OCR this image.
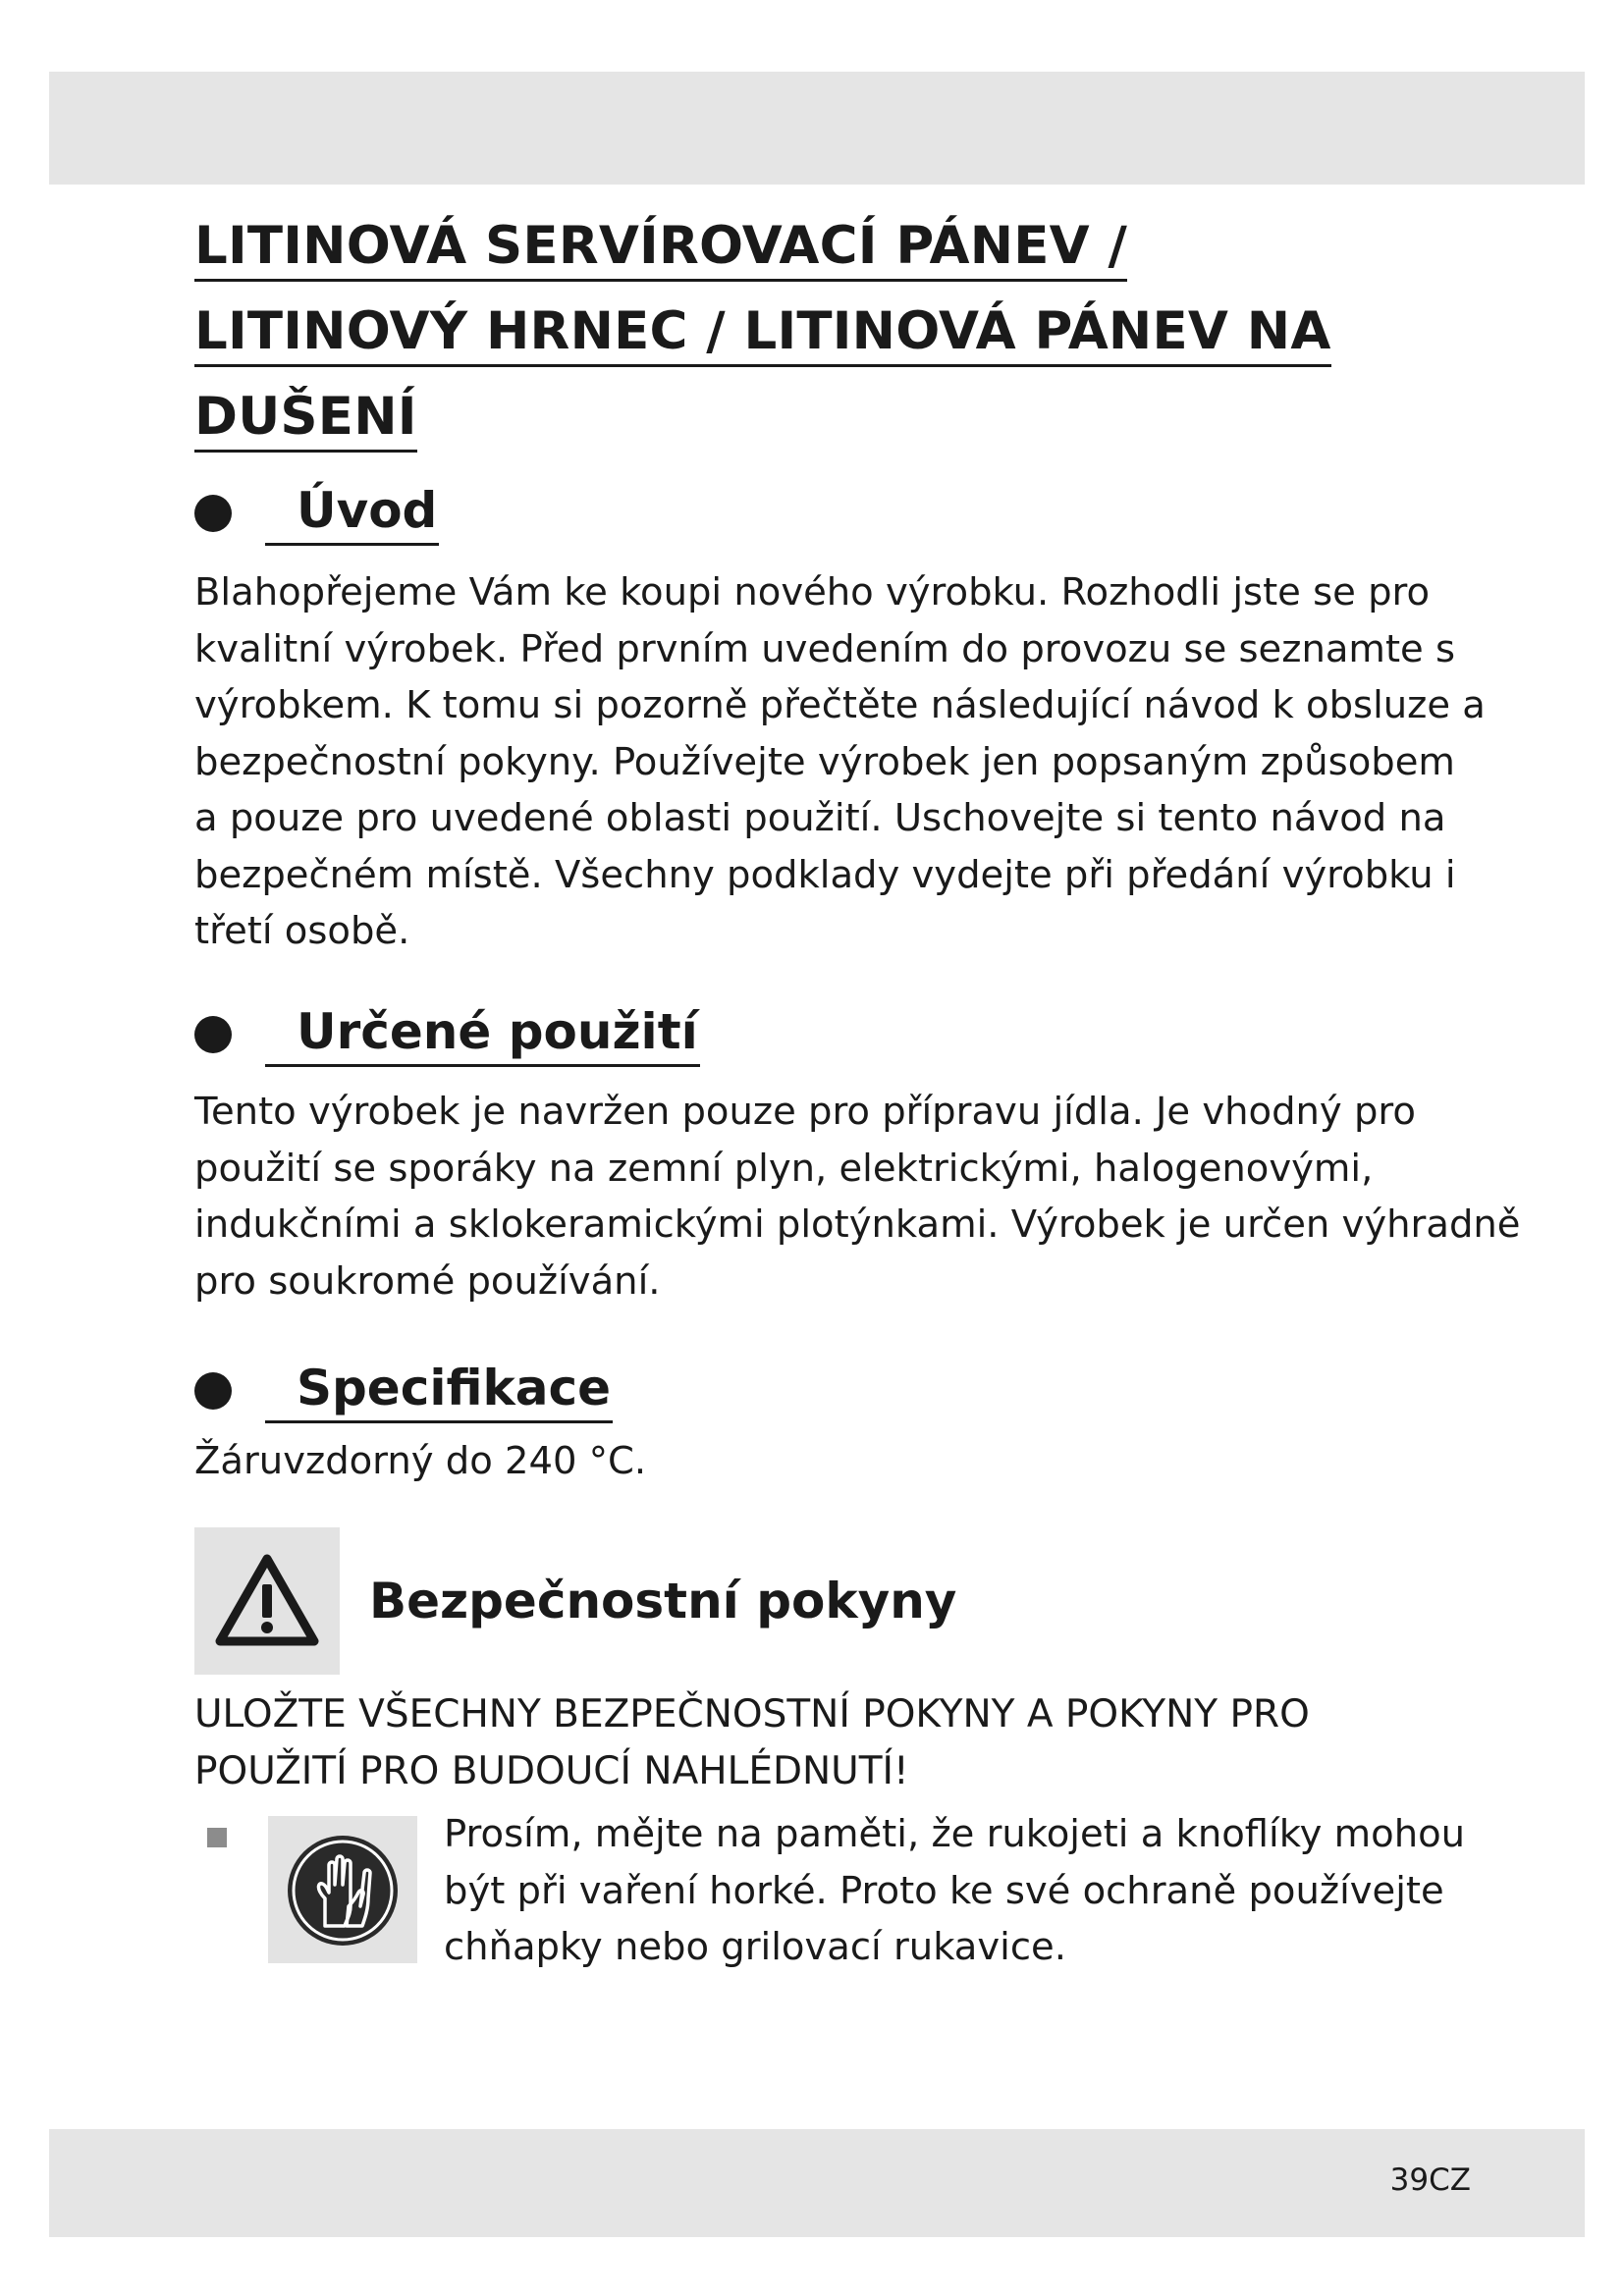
LITINOVÁ SERVÍROVACÍ PÁNEV /
LITINOVÝ HRNEC / LITINOVÁ PÁNEV NA
DUŠENÍ
Úvod

Blahopřejeme Vám ke koupi nového výrobku. Rozhodli jste se pro
kvalitní výrobek. Před prvním uvedením do provozu se seznamte s
výrobkem. K tomu si pozorně přečtěte následující návod k obsluze a
bezpečnostní pokyny. Používejte výrobek jen popsaným způsobem
a pouze pro uvedené oblasti použití. Uschovejte si tento návod na
bezpečném místě. Všechny podklady vydejte při předání výrobku i
třetí osobě.

Určené použití

Tento výrobek je navržen pouze pro přípravu jídla. Je vhodný pro
použití se sporáky na zemní plyn, elektrickými, halogenovými,
indukčními a sklokeramickými plotýnkami. Výrobek je určen výhradně
pro soukromé používání.

Specifikace

Žáruvzdorný do 240 °C.

Bezpečnostní pokyny

ULOŽTE VŠECHNY BEZPEČNOSTNÍ POKYNY A POKYNY PRO
POUŽITÍ PRO BUDOUCÍ NAHLÉDNUTÍ!

Prosím, mějte na paměti, že rukojeti a knoflíky mohou
být při vaření horké. Proto ke své ochraně používejte
chňapky nebo grilovací rukavice.

39CZ
